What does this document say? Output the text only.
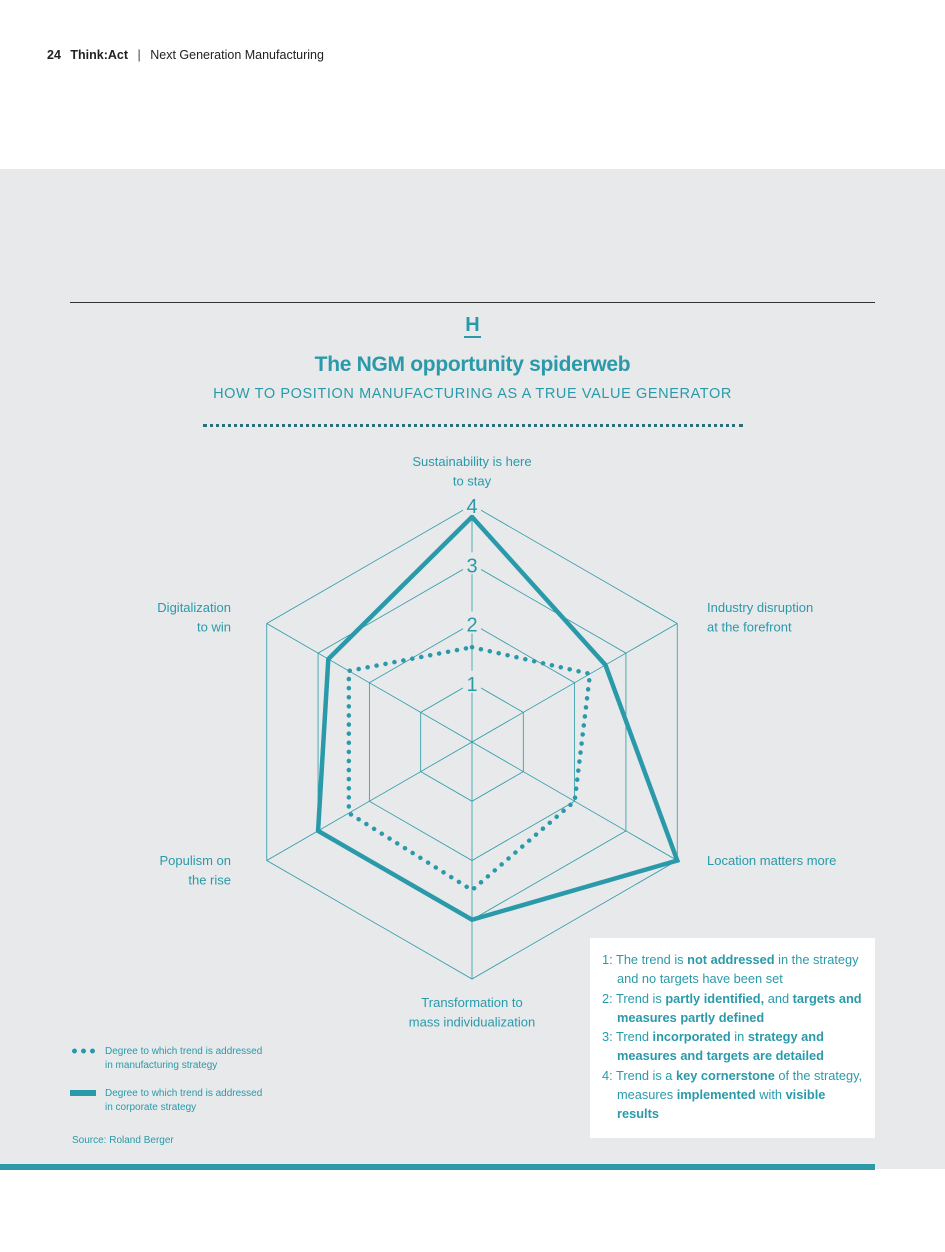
24 Think:Act | Next Generation Manufacturing
H
The NGM opportunity spiderweb
HOW TO POSITION MANUFACTURING AS A TRUE VALUE GENERATOR
1
2
3
4
Sustainability is here
to stay
Industry disruption
at the forefront
Location matters more
Transformation to
mass individualization
Populism on
the rise
Digitalization
to win
1: The trend is not addressed in the strategy and no targets have been set
2: Trend is partly identified, and targets and measures partly defined
3: Trend incorporated in strategy and measures and targets are detailed
4: Trend is a key cornerstone of the strategy, measures implemented with visible results
Degree to which trend is addressed
in manufacturing strategy
Degree to which trend is addressed
in corporate strategy
Source: Roland Berger
